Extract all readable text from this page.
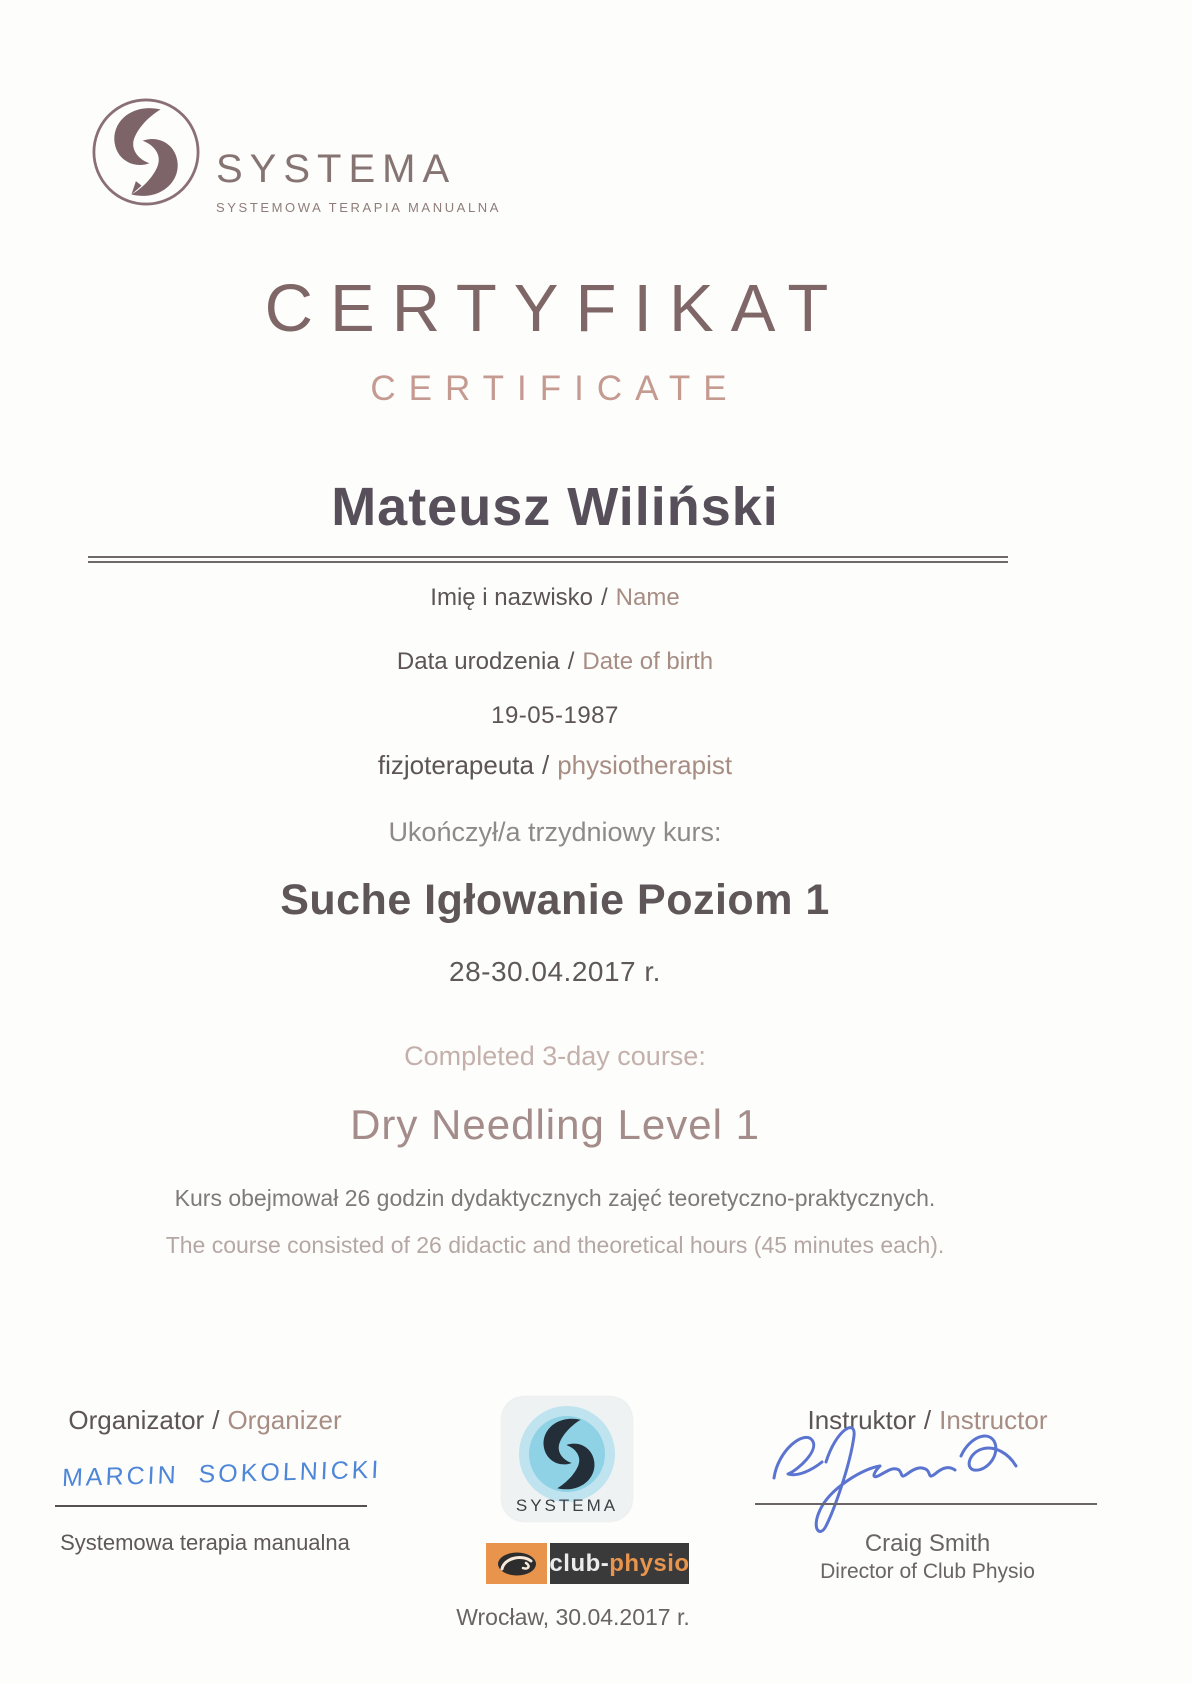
SYSTEMA
SYSTEMOWA TERAPIA MANUALNA
CERTYFIKAT
CERTIFICATE
Mateusz Wiliński
Imię i nazwisko / Name
Data urodzenia / Date of birth
19-05-1987
fizjoterapeuta / physiotherapist
Ukończył/a trzydniowy kurs:
Suche Igłowanie Poziom 1
28-30.04.2017 r.
Completed 3-day course:
Dry Needling Level 1
Kurs obejmował 26 godzin dydaktycznych zajęć teoretyczno-praktycznych.
The course consisted of 26 didactic and theoretical hours (45 minutes each).
Organizator / Organizer
MARCIN SOKOLNICKI
Systemowa terapia manualna
SYSTEMA
club- physio
Wrocław, 30.04.2017 r.
Instruktor / Instructor
Craig Smith
Director of Club Physio
